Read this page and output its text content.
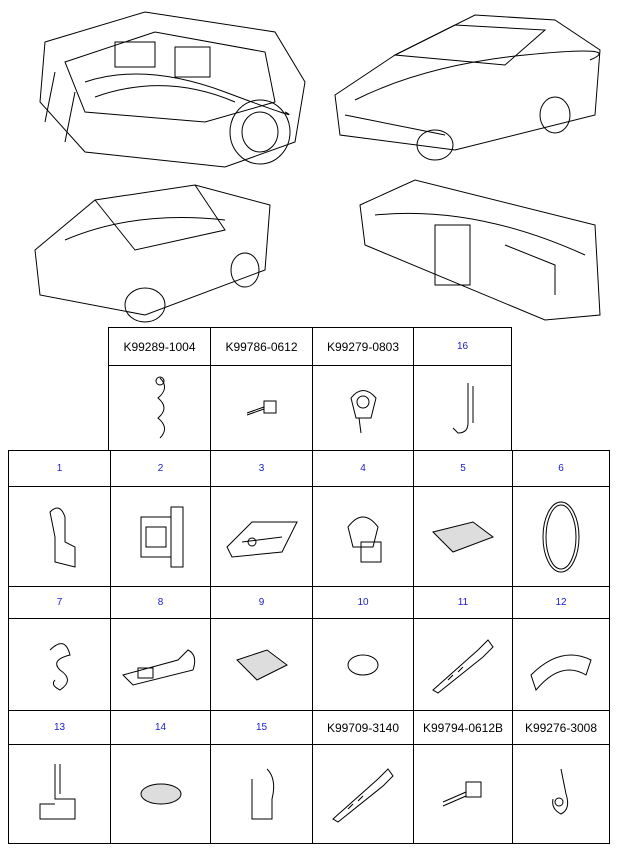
K99289-1004 K99786-0612 K99279-0803	16
1	2	3	4	5	6
7	8	9	10	11	12
13	14	15	K99709-3140 K99794-0612B K99276-3008
